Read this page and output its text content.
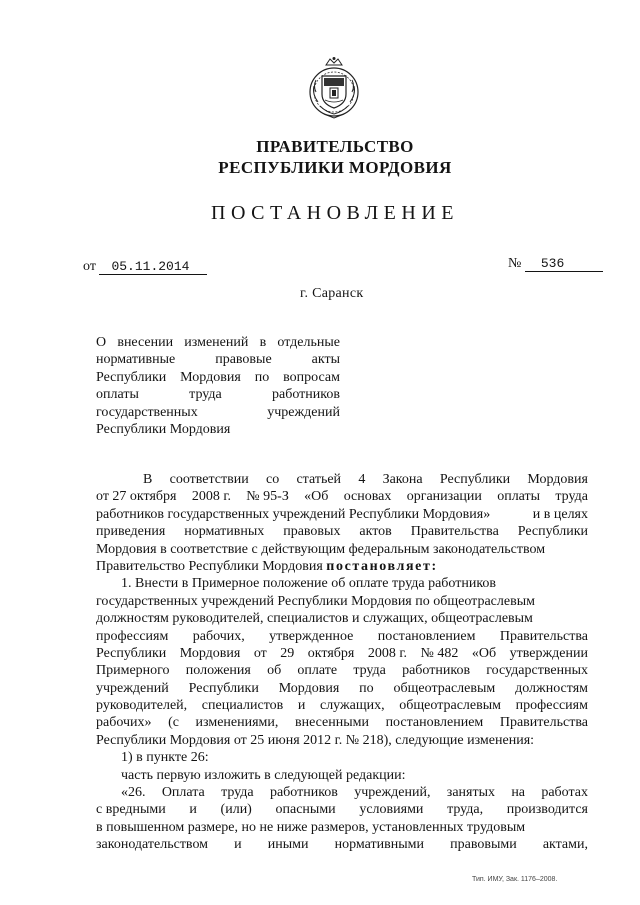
ПРАВИТЕЛЬСТВО
РЕСПУБЛИКИ МОРДОВИЯ
ПОСТАНОВЛЕНИЕ
от 05.11.2014	№ 536
г. Саранск
О внесении изменений в отдельные
нормативные	правовые	акты
Республики Мордовия по вопросам
оплаты	труда	работников
государственных	учреждений
Республики Мордовия
В соответствии со статьей 4 Закона Республики Мордовия
от 27 октября 2008 г. № 95-З «Об основах организации оплаты труда
работников государственных учреждений Республики Мордовия»	и в целях
приведения нормативных правовых актов Правительства Республики
Мордовия в соответствие с действующим федеральным законодательством
Правительство Республики Мордовия постановляет:
1. Внести в Примерное положение об оплате труда работников
государственных учреждений Республики Мордовия по общеотраслевым
должностям руководителей, специалистов и служащих, общеотраслевым
профессиям рабочих, утвержденное постановлением Правительства
Республики Мордовия от 29 октября 2008 г. № 482 «Об утверждении
Примерного положения об оплате труда работников государственных
учреждений Республики Мордовия по общеотраслевым должностям
руководителей, специалистов и служащих, общеотраслевым профессиям
рабочих» (с изменениями, внесенными постановлением Правительства
Республики Мордовия от 25 июня 2012 г. № 218), следующие изменения:
1) в пункте 26:
часть первую изложить в следующей редакции:
«26. Оплата труда работников учреждений, занятых на работах
с вредными и (или) опасными условиями труда, производится
в повышенном размере, но не ниже размеров, установленных трудовым
законодательством и иными нормативными правовыми актами,
Тип. ИМУ, Зак. 1176–2008.
